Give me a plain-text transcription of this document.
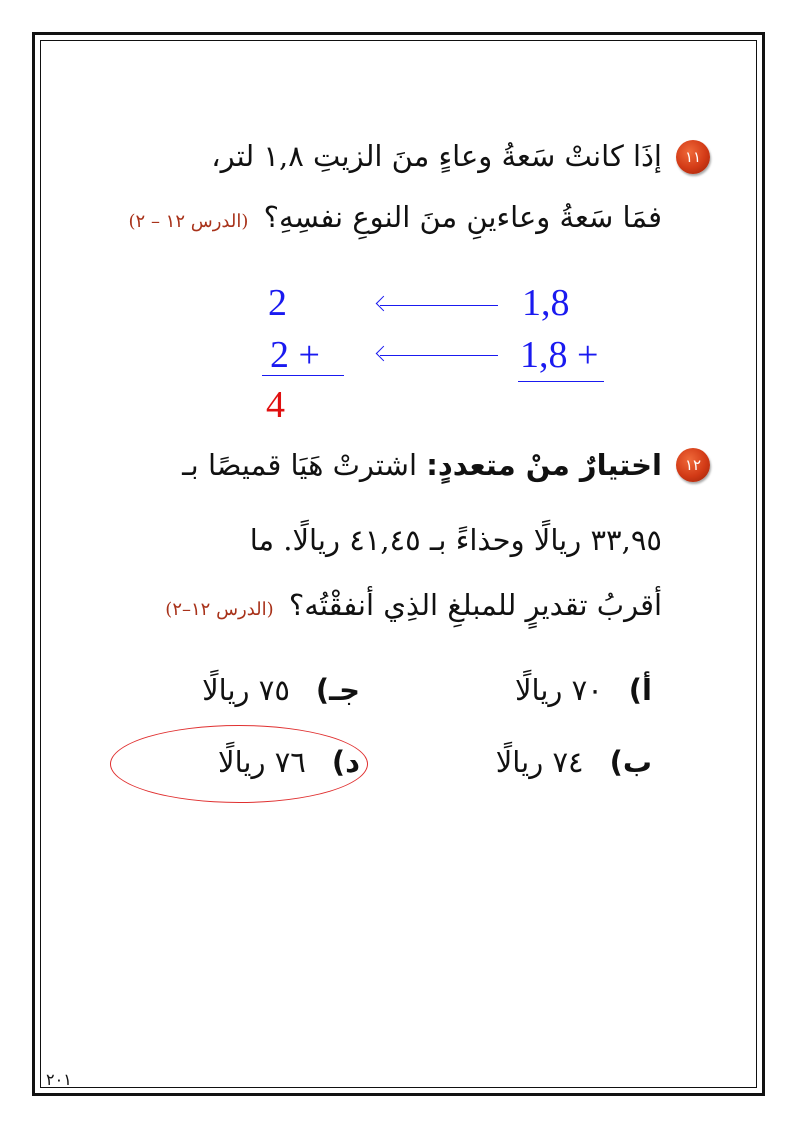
١١
إذَا كانتْ سَعةُ وعاءٍ منَ الزيتِ ١,٨ لتر،
فمَا سَعةُ وعاءينِ منَ النوعِ نفسِهِ؟ (الدرس ١٢ – ٢)
2	1,8
2 +	1,8 +
4
١٢
اختيارٌ منْ متعددٍ: اشترتْ هَيَا قميصًا بـ
٣٣,٩٥ ريالًا وحذاءً بـ ٤١,٤٥ ريالًا. ما
أقربُ تقديرٍ للمبلغِ الذِي أنفقْتُه؟ (الدرس ١٢–٢)
أ)٧٠ ريالًا
جـ)٧٥ ريالًا
ب)٧٤ ريالًا
د)٧٦ ريالًا
٢٠١
